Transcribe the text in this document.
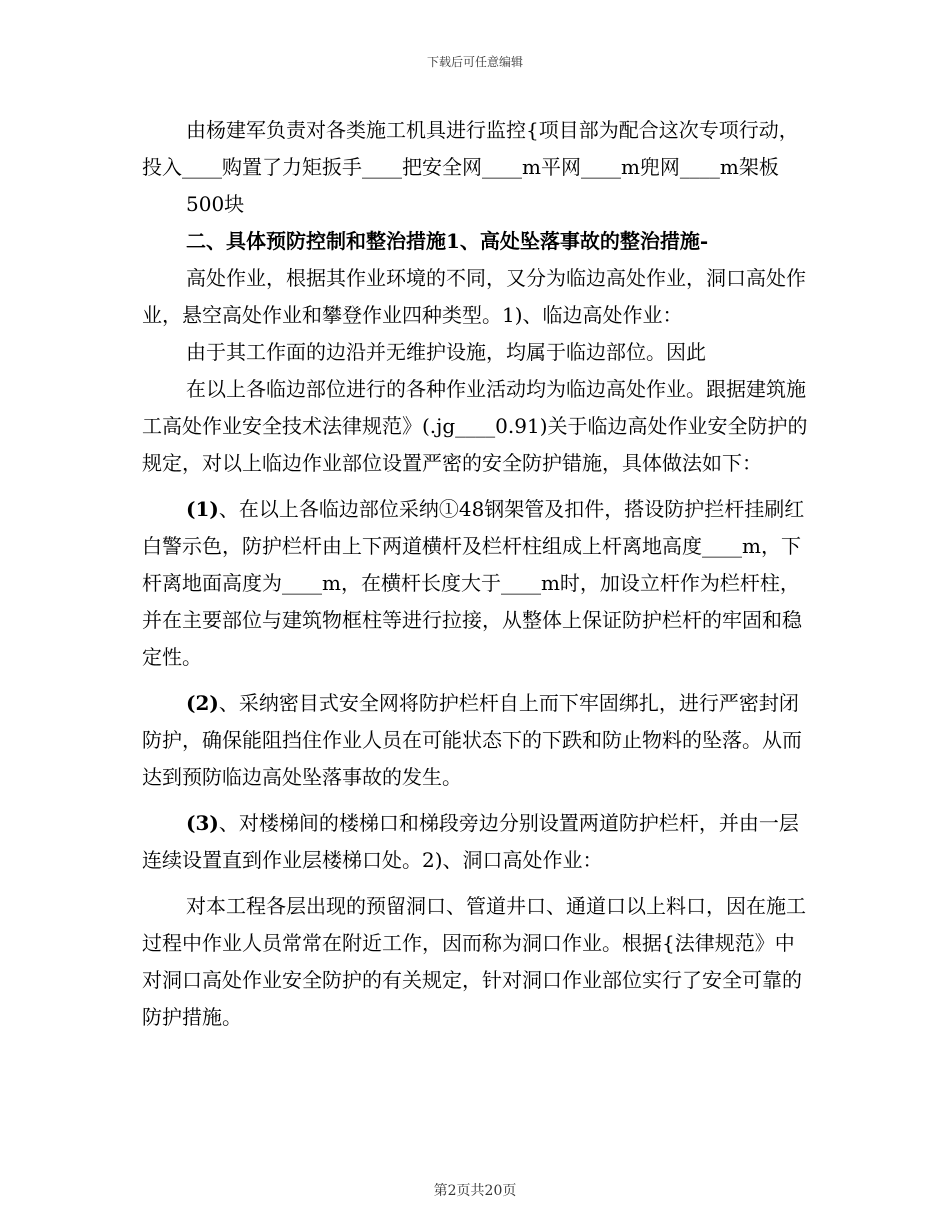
下载后可任意编辑

由杨建军负责对各类施工机具进行监控{项目部为配合这次专项行动，投入____购置了力矩扳手____把安全网____m平网____m兜网____m架板

500块

二、具体预防控制和整治措施1、高处坠落事故的整治措施-

高处作业，根据其作业环境的不同，又分为临边高处作业，洞口高处作业，悬空高处作业和攀登作业四种类型。1)、临边高处作业：

由于其工作面的边沿并无维护设施，均属于临边部位。因此

在以上各临边部位进行的各种作业活动均为临边高处作业。跟据建筑施工高处作业安全技术法律规范》(.jg____0.91)关于临边高处作业安全防护的规定，对以上临边作业部位设置严密的安全防护错施，具体做法如下：

(1)、在以上各临边部位采纳①48钢架管及扣件，搭设防护拦杆挂刷红白警示色，防护栏杆由上下两道横杆及栏杆柱组成上杆离地高度____m，下杆离地面高度为____m，在横杆长度大于____m时，加设立杆作为栏杆柱，并在主要部位与建筑物框柱等进行拉接，从整体上保证防护栏杆的牢固和稳定性。

(2)、采纳密目式安全网将防护栏杆自上而下牢固绑扎，进行严密封闭防护，确保能阻挡住作业人员在可能状态下的下跌和防止物料的坠落。从而达到预防临边高处坠落事故的发生。

(3)、对楼梯间的楼梯口和梯段旁边分别设置两道防护栏杆，并由一层连续设置直到作业层楼梯口处。2)、洞口高处作业：

对本工程各层出现的预留洞口、管道井口、通道口以上料口，因在施工过程中作业人员常常在附近工作，因而称为洞口作业。根据{法律规范》中对洞口高处作业安全防护的有关规定，针对洞口作业部位实行了安全可靠的防护措施。

第2页共20页
